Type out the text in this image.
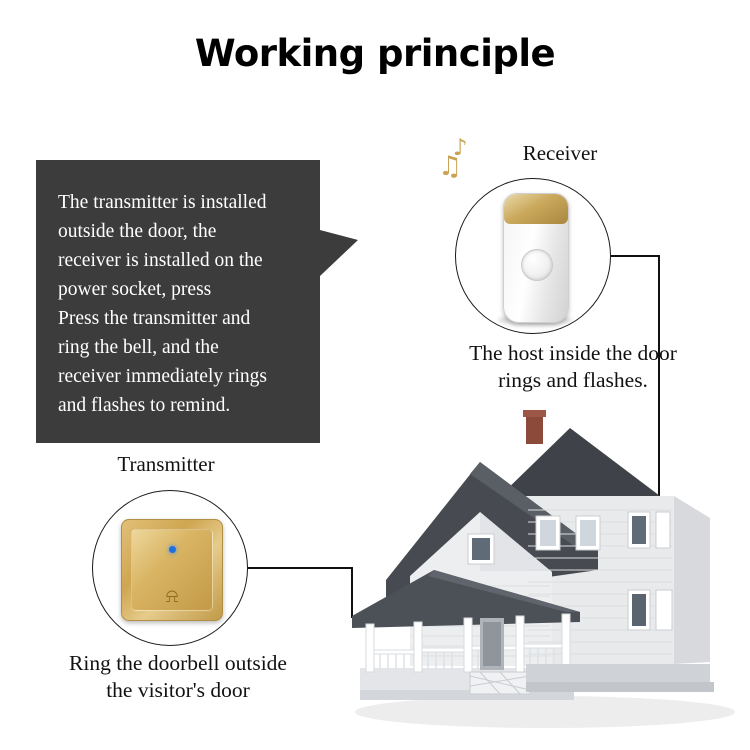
Working principle

The transmitter is installed

outside the door, the

receiver is installed on the

power socket, press

Press the transmitter and

ring the bell, and the

receiver immediately rings

and flashes to remind.

♪
♫	Receiver
The host inside the door
rings and flashes.
Transmitter
⍾
Ring the doorbell outside
the visitor's door
